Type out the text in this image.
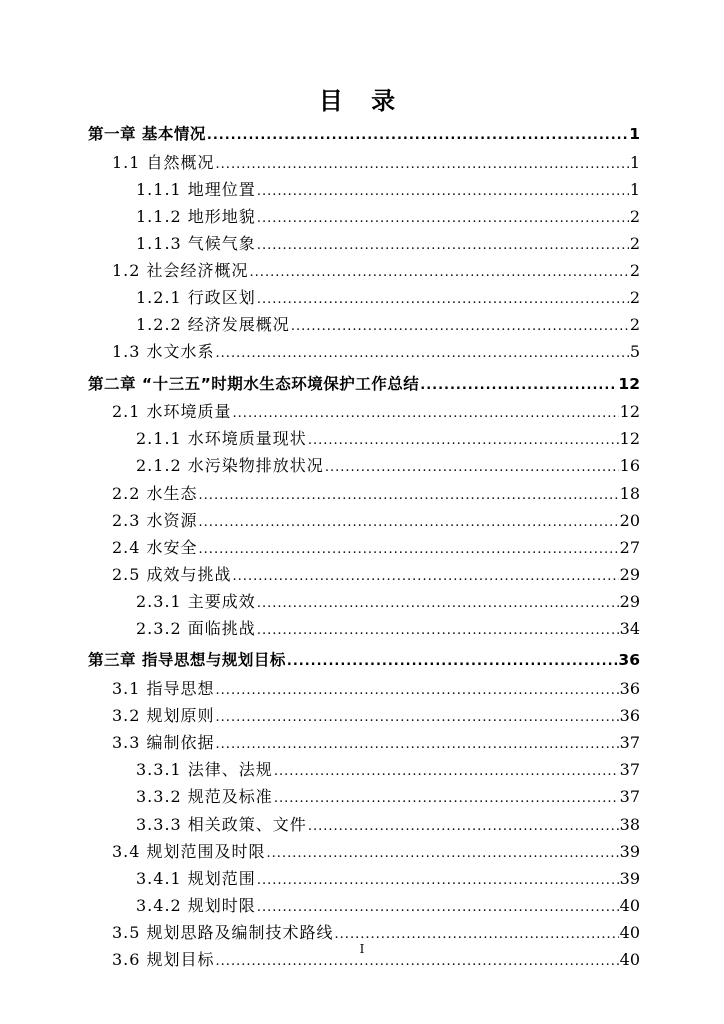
目 录
第一章 基本情况 .....	1
1.1 自然概况 .....	1
1.1.1 地理位置 .....	1
1.1.2 地形地貌 .....	2
1.1.3 气候气象 .....	2
1.2 社会经济概况 .....	2
1.2.1 行政区划 .....	2
1.2.2 经济发展概况 .....	2
1.3 水文水系 .....	5
第二章 “十三五”时期水生态环境保护工作总结 .....	12
2.1 水环境质量 .....	12
2.1.1 水环境质量现状 .....	12
2.1.2 水污染物排放状况 .....	16
2.2 水生态 .....	18
2.3 水资源 .....	20
2.4 水安全 .....	27
2.5 成效与挑战 .....	29
2.3.1 主要成效 .....	29
2.3.2 面临挑战 .....	34
第三章 指导思想与规划目标 .....	36
3.1 指导思想 .....	36
3.2 规划原则 .....	36
3.3 编制依据 .....	37
3.3.1 法律、法规 .....	37
3.3.2 规范及标准 .....	37
3.3.3 相关政策、文件 .....	38
3.4 规划范围及时限 .....	39
3.4.1 规划范围 .....	39
3.4.2 规划时限 .....	40
3.5 规划思路及编制技术路线 .....	40
3.6 规划目标 .....	40
I
